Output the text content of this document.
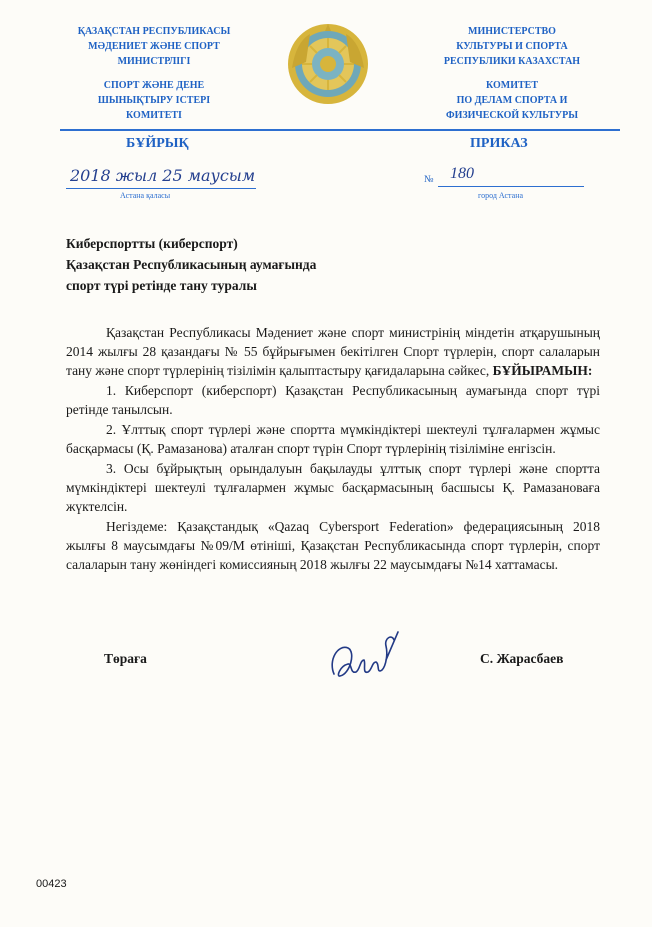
ҚАЗАҚСТАН РЕСПУБЛИКАСЫ
МӘДЕНИЕТ ЖӘНЕ СПОРТ
МИНИСТРЛІГІ
СПОРТ ЖӘНЕ ДЕНЕ
ШЫНЫҚТЫРУ ІСТЕРІ
КОМИТЕТІ
МИНИСТЕРСТВО
КУЛЬТУРЫ И СПОРТА
РЕСПУБЛИКИ КАЗАХСТАН
КОМИТЕТ
ПО ДЕЛАМ СПОРТА И
ФИЗИЧЕСКОЙ КУЛЬТУРЫ
БҰЙРЫҚ	ПРИКАЗ
2018 жыл 25 маусым
Астана қаласы
№ 180
город Астана
Киберспортты (киберспорт)
Қазақстан Республикасының аумағында
спорт түрі ретінде тану туралы

Қазақстан Республикасы Мәдениет және спорт министрінің міндетін атқарушының 2014 жылғы 28 қазандағы № 55 бұйрығымен бекітілген Спорт түрлерін, спорт салаларын тану және спорт түрлерінің тізілімін қалыптастыру қағидаларына сәйкес, БҰЙЫРАМЫН:

1. Киберспорт (киберспорт) Қазақстан Республикасының аумағында спорт түрі ретінде танылсын.

2. Ұлттық спорт түрлері және спортта мүмкіндіктері шектеулі тұлғалармен жұмыс басқармасы (Қ. Рамазанова) аталған спорт түрін Спорт түрлерінің тізіліміне енгізсін.

3. Осы бұйрықтың орындалуын бақылауды ұлттық спорт түрлері және спортта мүмкіндіктері шектеулі тұлғалармен жұмыс басқармасының басшысы Қ. Рамазановаға жүктелсін.

Негіздеме: Қазақстандық «Qazaq Cybersport Federation» федерациясының 2018 жылғы 8 маусымдағы №09/М өтініші, Қазақстан Республикасында спорт түрлерін, спорт салаларын тану жөніндегі комиссияның 2018 жылғы 22 маусымдағы №14 хаттамасы.

Төраға	С. Жарасбаев
00423
